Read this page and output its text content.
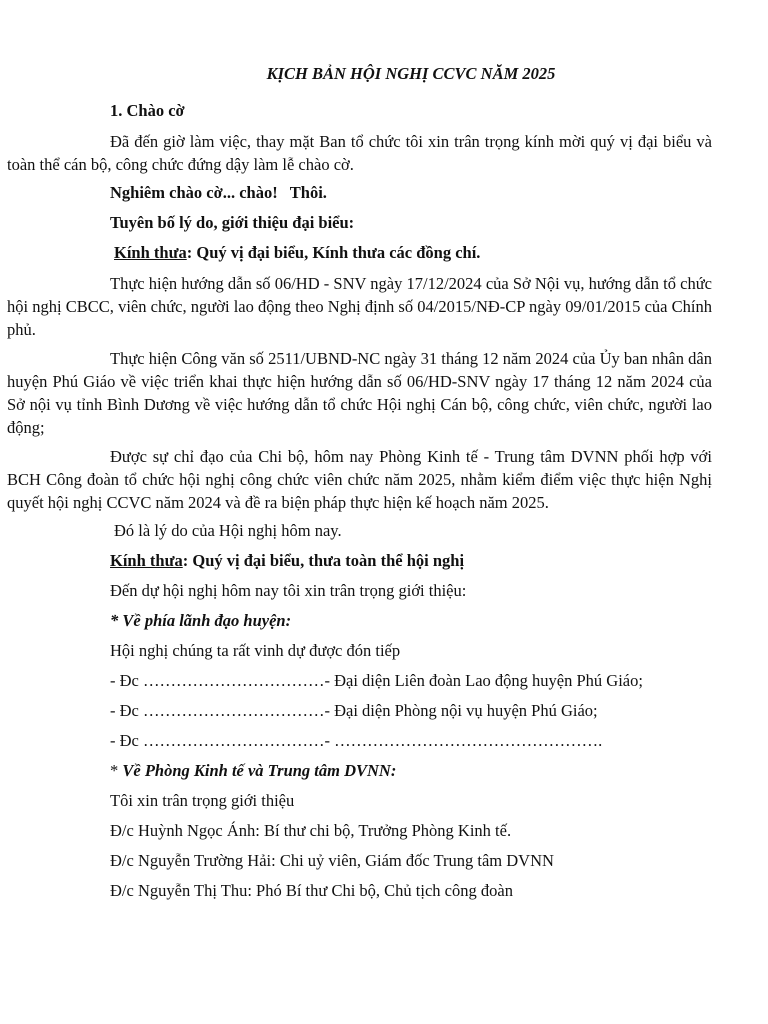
KỊCH BẢN HỘI NGHỊ CCVC NĂM 2025

1. Chào cờ

Đã đến giờ làm việc, thay mặt Ban tổ chức tôi xin trân trọng kính mời quý vị đại biểu và toàn thể cán bộ, công chức đứng dậy làm lễ chào cờ.

Nghiêm chào cờ... chào!   Thôi.

Tuyên bố lý do, giới thiệu đại biểu:

Kính thưa: Quý vị đại biểu, Kính thưa các đồng chí.

Thực hiện hướng dẫn số 06/HD - SNV ngày 17/12/2024 của Sở Nội vụ, hướng dẫn tổ chức hội nghị CBCC, viên chức, người lao động theo Nghị định số 04/2015/NĐ-CP ngày 09/01/2015 của Chính phủ.

Thực hiện Công văn số 2511/UBND-NC ngày 31 tháng 12 năm 2024 của Ủy ban nhân dân huyện Phú Giáo về việc triển khai thực hiện hướng dẫn số 06/HD-SNV ngày 17 tháng 12 năm 2024 của Sở nội vụ tỉnh Bình Dương về việc hướng dẫn tổ chức Hội nghị Cán bộ, công chức, viên chức, người lao động;

Được sự chỉ đạo của Chi bộ, hôm nay Phòng Kinh tế - Trung tâm DVNN phối hợp với BCH Công đoàn tổ chức hội nghị công chức viên chức năm 2025, nhằm kiểm điểm việc thực hiện Nghị quyết hội nghị CCVC năm 2024 và đề ra biện pháp thực hiện kế hoạch năm 2025.

Đó là lý do của Hội nghị hôm nay.

Kính thưa: Quý vị đại biểu, thưa toàn thể hội nghị

Đến dự hội nghị hôm nay tôi xin trân trọng giới thiệu:

* Về phía lãnh đạo huyện:

Hội nghị chúng ta rất vinh dự được đón tiếp

- Đc ……………………………- Đại diện Liên đoàn Lao động huyện Phú Giáo;

- Đc ……………………………- Đại diện Phòng nội vụ huyện Phú Giáo;

- Đc ……………………………- ………………………………………….

* Về Phòng Kinh tế và Trung tâm DVNN:

Tôi xin trân trọng giới thiệu

Đ/c Huỳnh Ngọc Ánh: Bí thư chi bộ, Trưởng Phòng Kinh tế.

Đ/c Nguyễn Trường Hải: Chi uỷ viên, Giám đốc Trung tâm DVNN

Đ/c Nguyễn Thị Thu: Phó Bí thư Chi bộ, Chủ tịch công đoàn
